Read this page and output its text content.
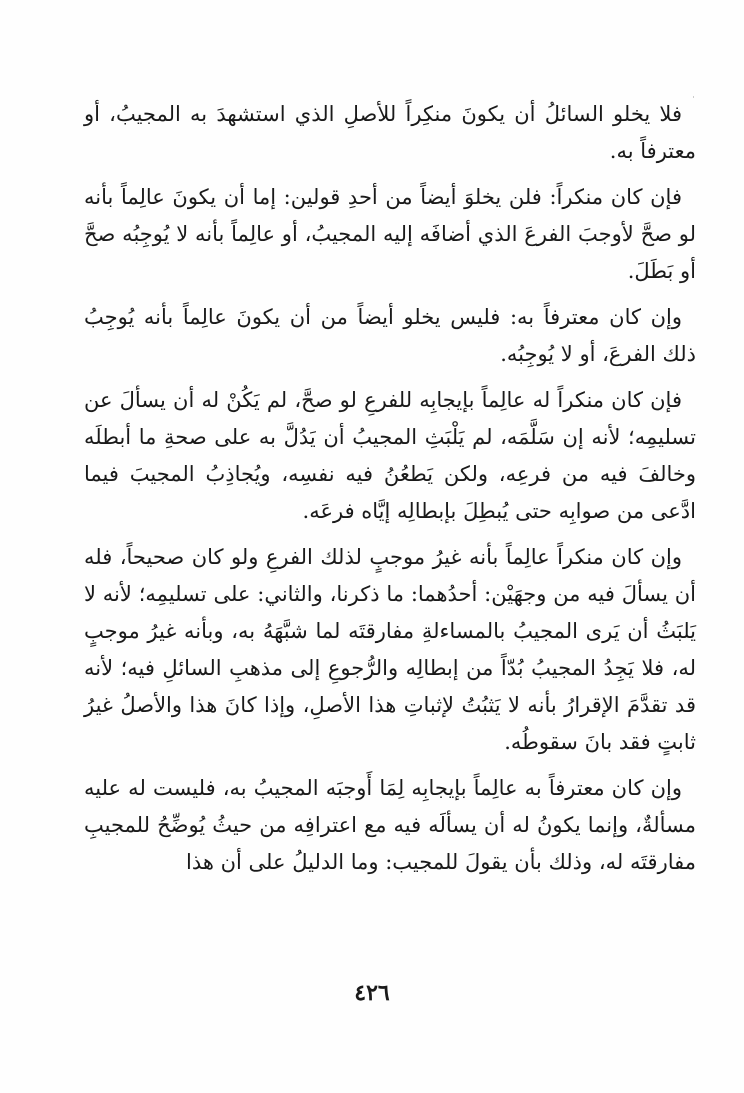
فلا يخلو السائلُ أن يكونَ منكِراً للأصلِ الذي استشهدَ به المجيبُ، أو معترفاً به.

فإن كان منكراً: فلن يخلوَ أيضاً من أحدِ قولين: إما أن يكونَ عالِماً بأنه لو صحَّ لأوجبَ الفرعَ الذي أضافَه إليه المجيبُ، أو عالِماً بأنه لا يُوجِبُه صحَّ أو بَطَلَ.

وإن كان معترفاً به: فليس يخلو أيضاً من أن يكونَ عالِماً بأنه يُوجِبُ ذلك الفرعَ، أو لا يُوجِبُه.

فإن كان منكراً له عالِماً بإيجابِه للفرعِ لو صحَّ، لم يَكُنْ له أن يسألَ عن تسليمِه؛ لأنه إن سَلَّمَه، لم يَلْبَثِ المجيبُ أن يَدُلَّ به على صحةِ ما أبطلَه وخالفَ فيه من فرعِه، ولكن يَطعُنُ فيه نفسِه، ويُجاذِبُ المجيبَ فيما ادَّعى من صوابِه حتى يُبطِلَ بإبطالِه إيَّاه فرعَه.

وإن كان منكراً عالِماً بأنه غيرُ موجبٍ لذلك الفرعِ ولو كان صحيحاً، فله أن يسألَ فيه من وجهَيْن: أحدُهما: ما ذكرنا، والثاني: على تسليمِه؛ لأنه لا يَلبَثُ أن يَرى المجيبُ بالمساءلةِ مفارقتَه لما شبَّهَهُ به، وبأنه غيرُ موجبٍ له، فلا يَجِدُ المجيبُ بُدّاً من إبطالِه والرُّجوعِ إلى مذهبِ السائلِ فيه؛ لأنه قد تقدَّمَ الإقرارُ بأنه لا يَثبُتُ لإثباتِ هذا الأصلِ، وإذا كانَ هذا والأصلُ غيرُ ثابتٍ فقد بانَ سقوطُه.

وإن كان معترفاً به عالِماً بإيجابِه لِمَا أَوجبَه المجيبُ به، فليست له عليه مسألةٌ، وإنما يكونُ له أن يسألَه فيه مع اعترافِه من حيثُ يُوضِّحُ للمجيبِ مفارقتَه له، وذلك بأن يقولَ للمجيب: وما الدليلُ على أن هذا

٤٢٦
